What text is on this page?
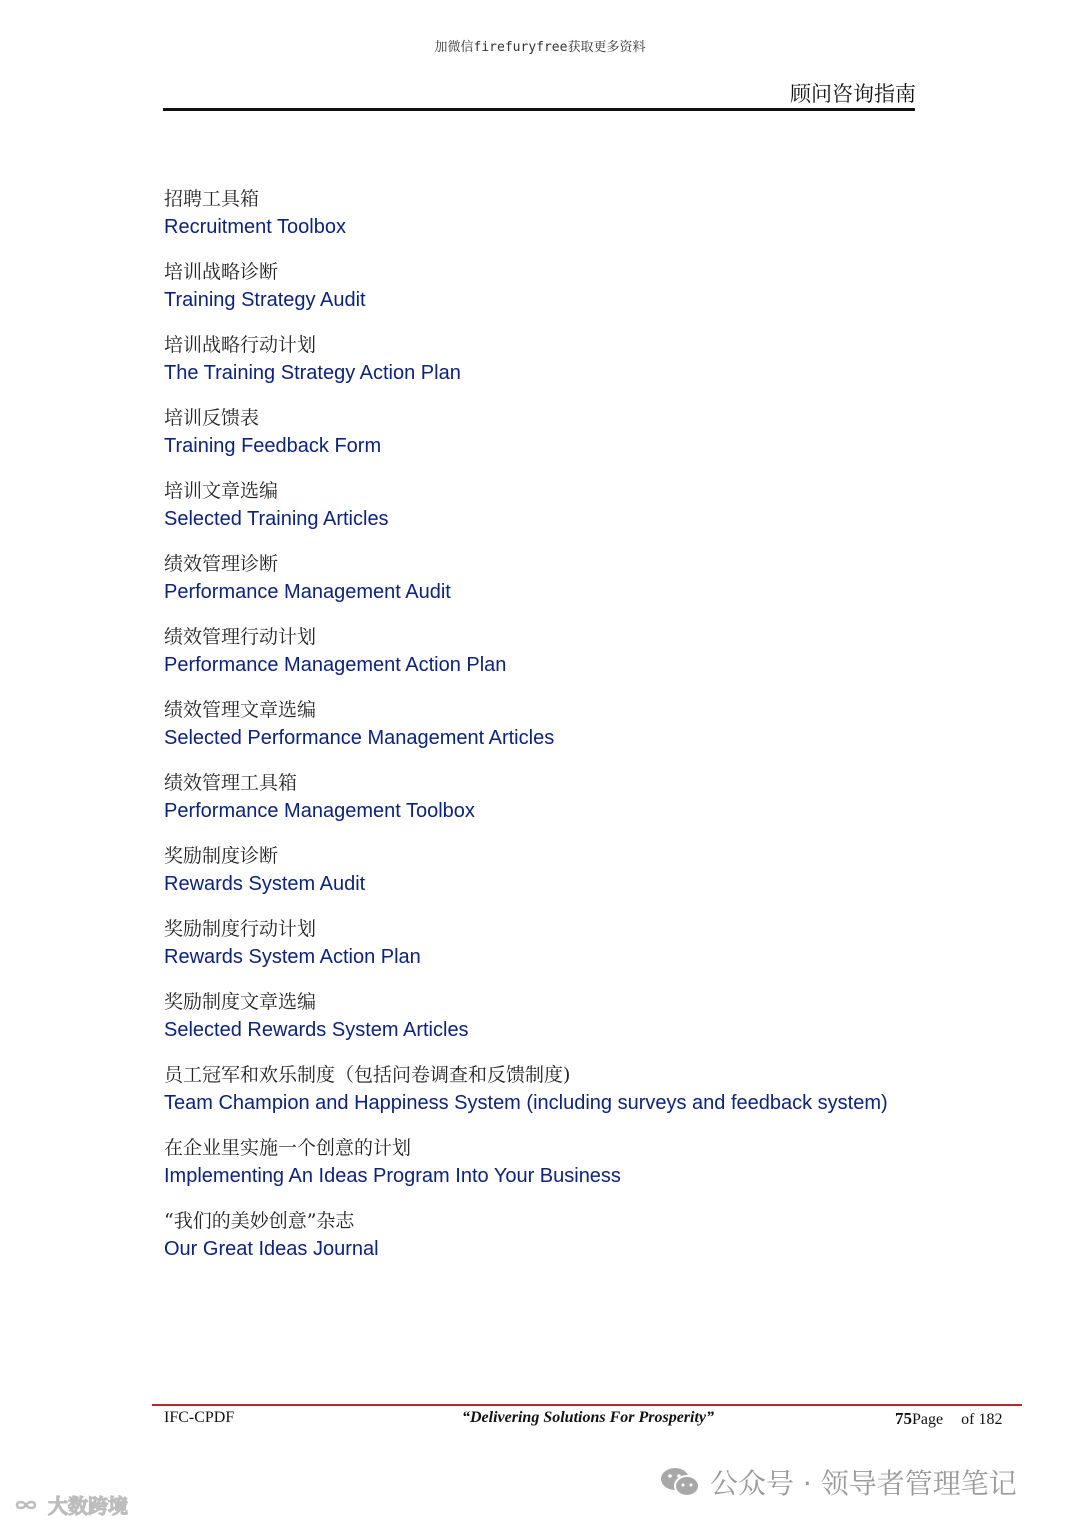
加微信firefuryfree获取更多资料
顾问咨询指南
招聘工具箱
Recruitment Toolbox
培训战略诊断
Training Strategy Audit
培训战略行动计划
The Training Strategy Action Plan
培训反馈表
Training Feedback Form
培训文章选编
Selected Training Articles
绩效管理诊断
Performance Management Audit
绩效管理行动计划
Performance Management Action Plan
绩效管理文章选编
Selected Performance Management Articles
绩效管理工具箱
Performance Management Toolbox
奖励制度诊断
Rewards System Audit
奖励制度行动计划
Rewards System Action Plan
奖励制度文章选编
Selected Rewards System Articles
员工冠军和欢乐制度（包括问卷调查和反馈制度)
Team Champion and Happiness System (including surveys and feedback system)
在企业里实施一个创意的计划
Implementing An Ideas Program Into Your Business
“我们的美妙创意”杂志
Our Great Ideas Journal
IFC-CPDF	“Delivering Solutions For Prosperity”	75Page of 182
公众号 · 领导者管理笔记
大数跨境
